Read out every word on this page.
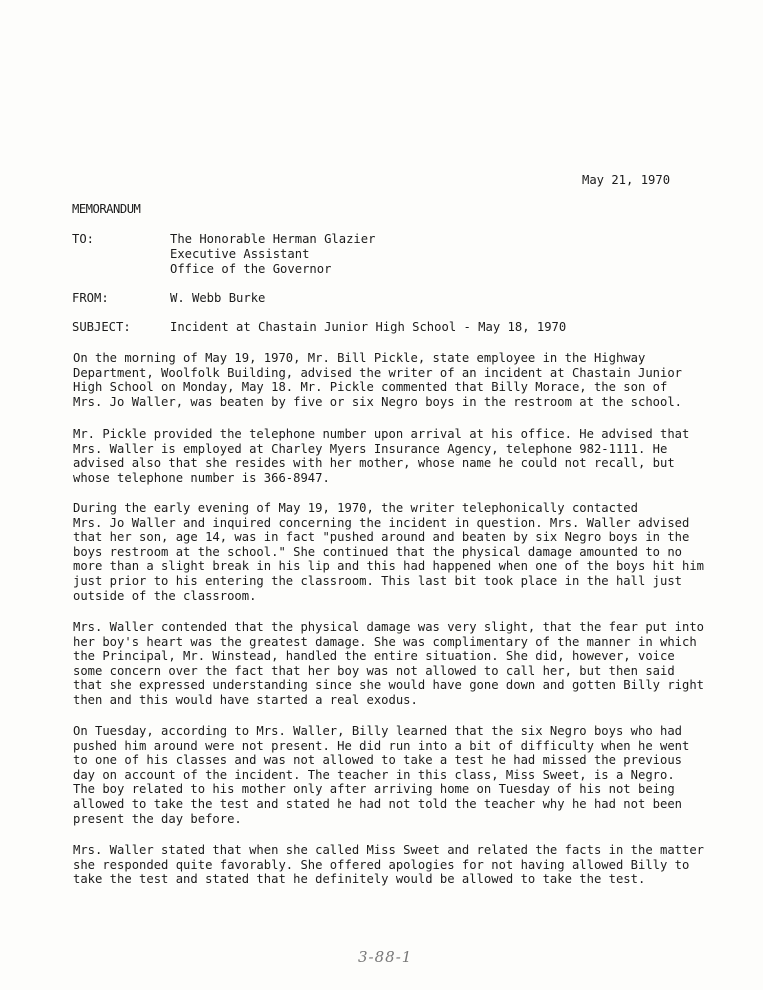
May 21, 1970
MEMORANDUM
TO:	The Honorable Herman Glazier
Executive Assistant
Office of the Governor
FROM:	W. Webb Burke
SUBJECT:	Incident at Chastain Junior High School - May 18, 1970
On the morning of May 19, 1970, Mr. Bill Pickle, state employee in the Highway
Department, Woolfolk Building, advised the writer of an incident at Chastain Junior
High School on Monday, May 18. Mr. Pickle commented that Billy Morace, the son of
Mrs. Jo Waller, was beaten by five or six Negro boys in the restroom at the school.
Mr. Pickle provided the telephone number upon arrival at his office. He advised that
Mrs. Waller is employed at Charley Myers Insurance Agency, telephone 982-1111. He
advised also that she resides with her mother, whose name he could not recall, but
whose telephone number is 366-8947.
During the early evening of May 19, 1970, the writer telephonically contacted
Mrs. Jo Waller and inquired concerning the incident in question. Mrs. Waller advised
that her son, age 14, was in fact "pushed around and beaten by six Negro boys in the
boys restroom at the school." She continued that the physical damage amounted to no
more than a slight break in his lip and this had happened when one of the boys hit him
just prior to his entering the classroom. This last bit took place in the hall just
outside of the classroom.
Mrs. Waller contended that the physical damage was very slight, that the fear put into
her boy's heart was the greatest damage. She was complimentary of the manner in which
the Principal, Mr. Winstead, handled the entire situation. She did, however, voice
some concern over the fact that her boy was not allowed to call her, but then said
that she expressed understanding since she would have gone down and gotten Billy right
then and this would have started a real exodus.
On Tuesday, according to Mrs. Waller, Billy learned that the six Negro boys who had
pushed him around were not present. He did run into a bit of difficulty when he went
to one of his classes and was not allowed to take a test he had missed the previous
day on account of the incident. The teacher in this class, Miss Sweet, is a Negro.
The boy related to his mother only after arriving home on Tuesday of his not being
allowed to take the test and stated he had not told the teacher why he had not been
present the day before.
Mrs. Waller stated that when she called Miss Sweet and related the facts in the matter
she responded quite favorably. She offered apologies for not having allowed Billy to
take the test and stated that he definitely would be allowed to take the test.
3-88-1
